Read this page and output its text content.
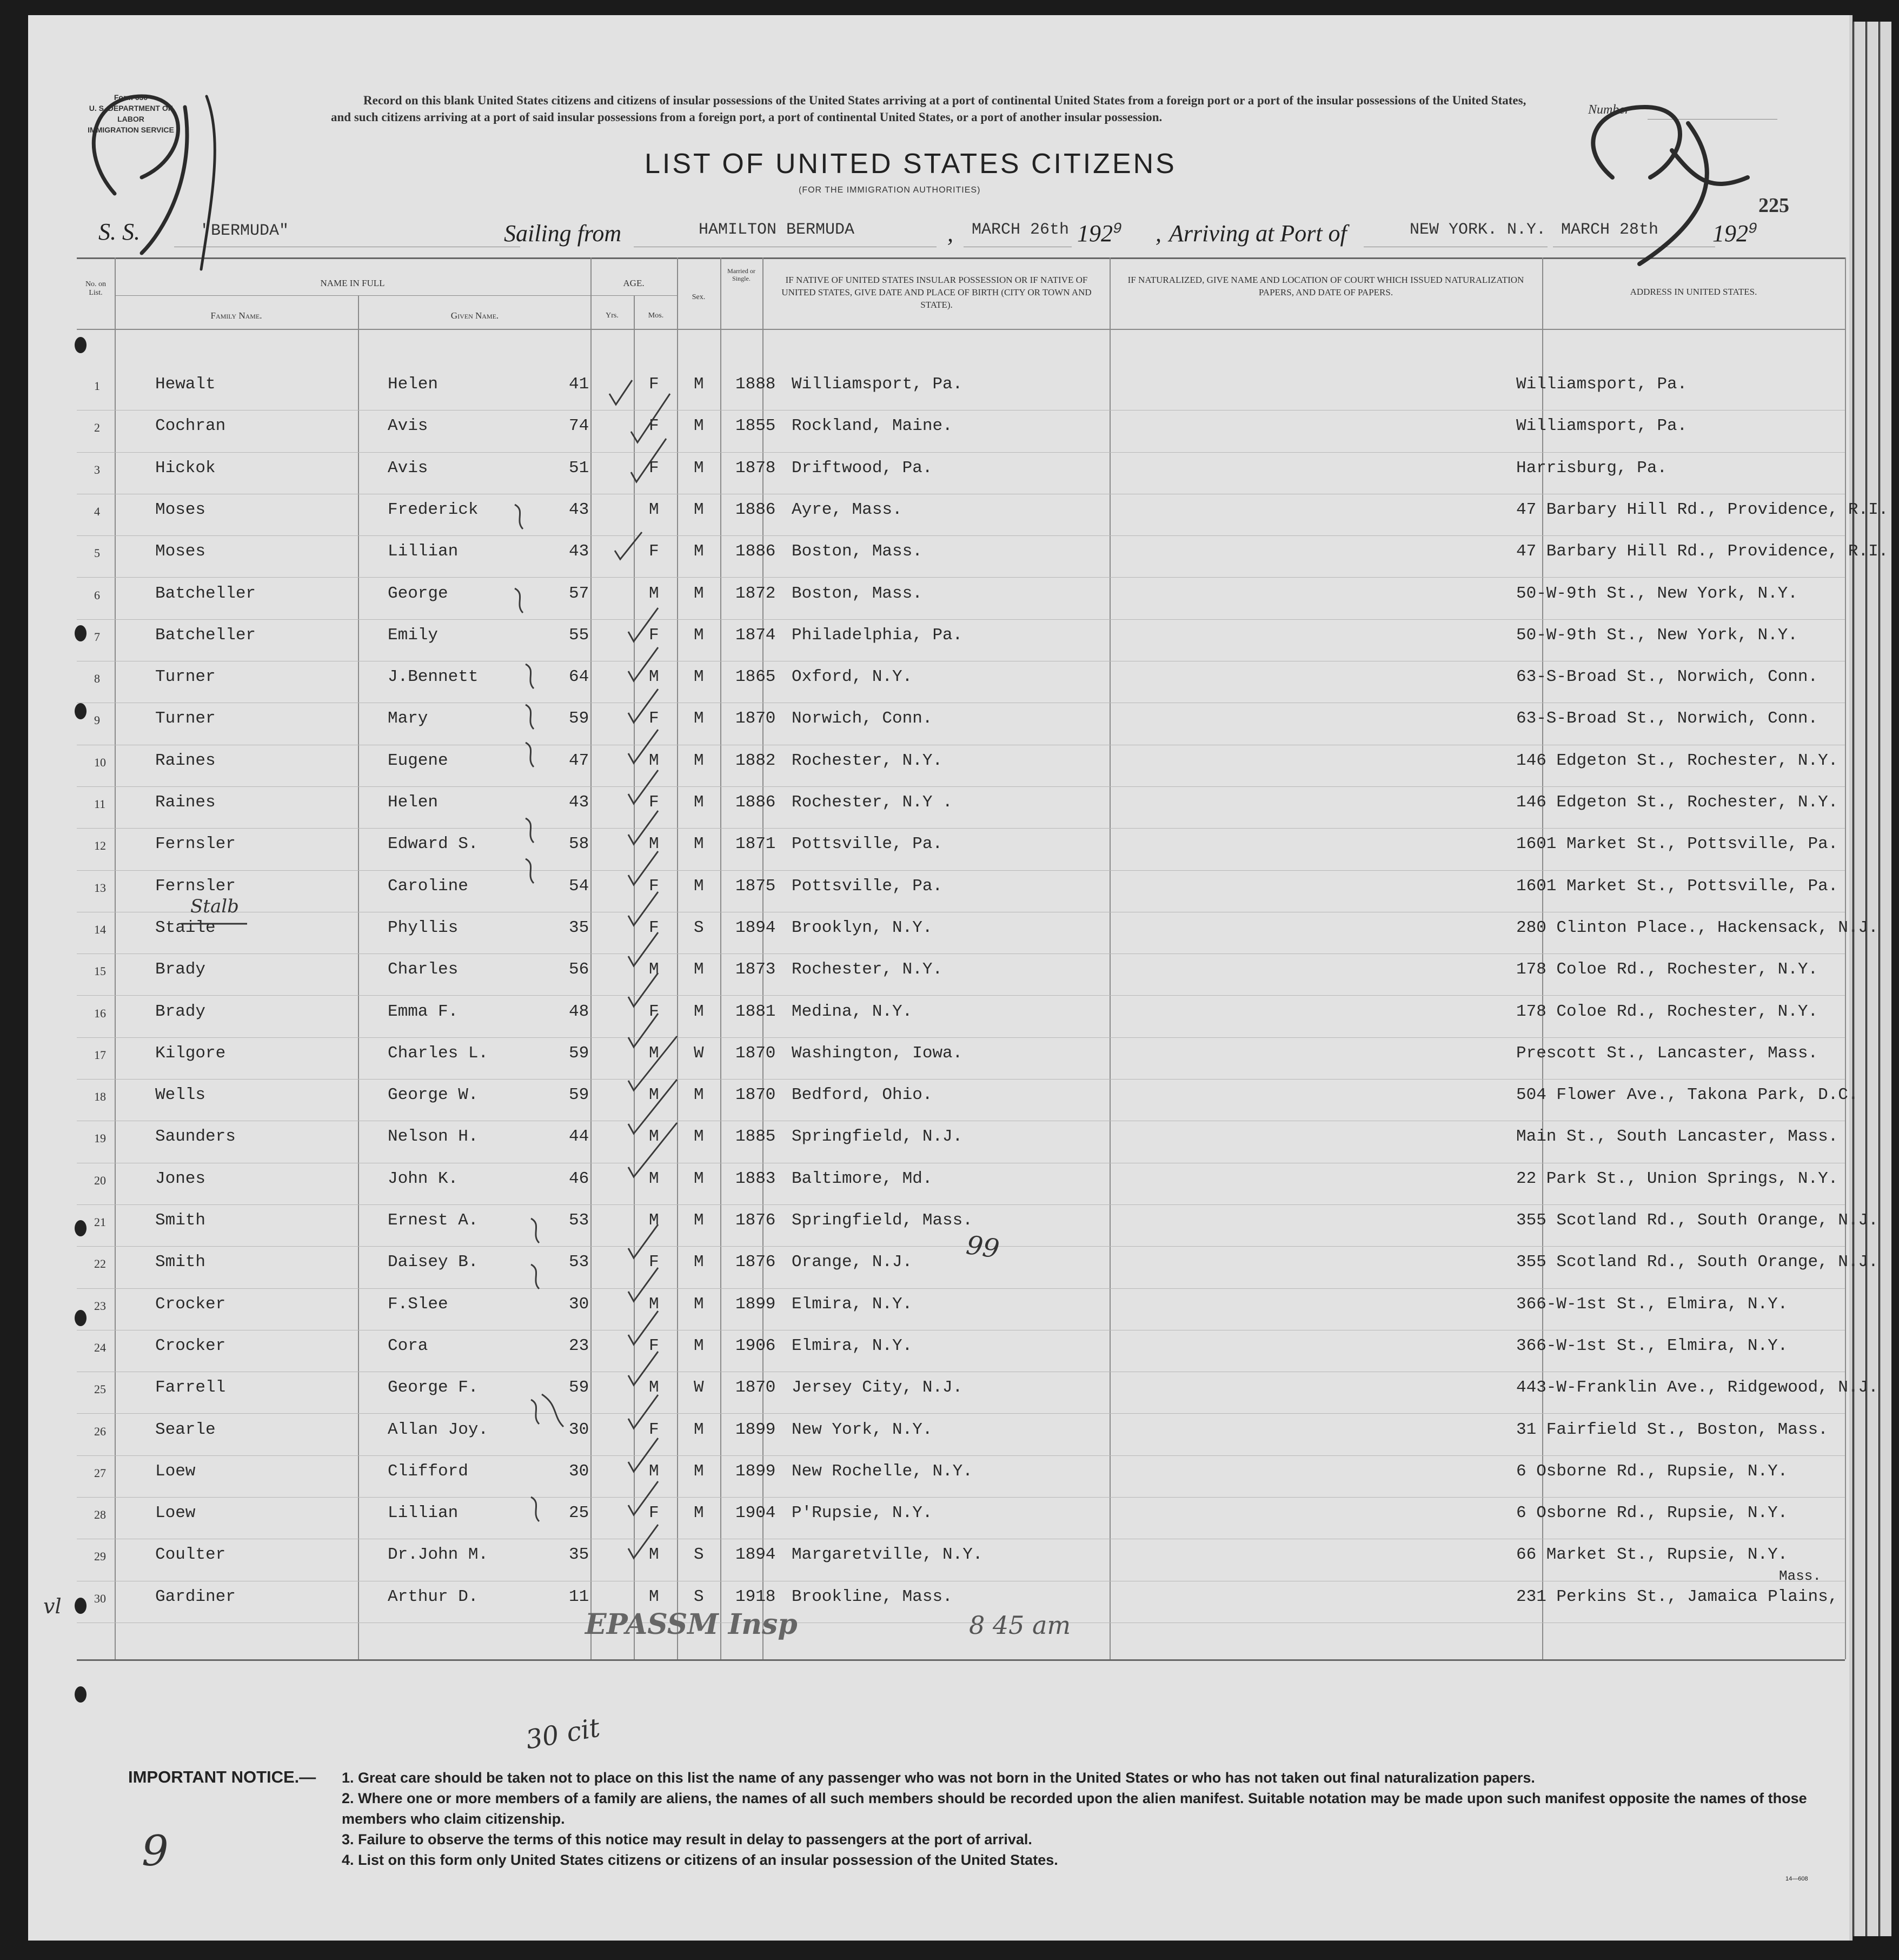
Form 630
U. S. DEPARTMENT OF LABOR
IMMIGRATION SERVICE
Record on this blank United States citizens and citizens of insular possessions of the United States arriving at a port of continental United States from a foreign port or a port of the insular possessions of the United States, and such citizens arriving at a port of said insular possessions from a foreign port, a port of continental United States, or a port of another insular possession.
Number
LIST OF UNITED STATES CITIZENS
(FOR THE IMMIGRATION AUTHORITIES)
225
S. S.	"BERMUDA"	Sailing from	HAMILTON BERMUDA	, MARCH 26th $192^9$ , Arriving at Port of	NEW YORK. N.Y. MARCH 28th $192^9$
No. on List.
NAME IN FULL
Family Name.	Given Name.
AGE.
Yrs.	Mos.
Sex.
Married or Single.	IF NATIVE OF UNITED STATES INSULAR POSSESSION OR IF NATIVE OF UNITED STATES, GIVE DATE AND PLACE OF BIRTH (CITY OR TOWN AND STATE).
IF NATURALIZED, GIVE NAME AND LOCATION OF COURT WHICH ISSUED NATURALIZATION PAPERS, AND DATE OF PAPERS.	ADDRESS IN UNITED STATES.
1	Hewalt	Helen	41	F M 1888 Williamsport, Pa.	Williamsport, Pa.
2	Cochran	Avis	74	F M 1855 Rockland, Maine.	Williamsport, Pa.
3	Hickok	Avis	51	F M 1878 Driftwood, Pa.	Harrisburg, Pa.
4	Moses	Frederick	43	M M 1886 Ayre, Mass.	47 Barbary Hill Rd., Providence, R.I.
5	Moses	Lillian	43	F M 1886 Boston, Mass.	47 Barbary Hill Rd., Providence, R.I.
6	Batcheller	George	57	M M 1872 Boston, Mass.	50-W-9th St., New York, N.Y.
7	Batcheller	Emily	55	F M 1874 Philadelphia, Pa.	50-W-9th St., New York, N.Y.
8	Turner	J.Bennett	64	M M 1865 Oxford, N.Y.	63-S-Broad St., Norwich, Conn.
9	Turner	Mary	59	F M 1870 Norwich, Conn.	63-S-Broad St., Norwich, Conn.
10	Raines	Eugene	47	M M 1882 Rochester, N.Y.	146 Edgeton St., Rochester, N.Y.
11	Raines	Helen	43	F M 1886 Rochester, N.Y .	146 Edgeton St., Rochester, N.Y.
12	Fernsler	Edward S.	58	M M 1871 Pottsville, Pa.	1601 Market St., Pottsville, Pa.
13	Fernsler	Caroline	54	F M 1875 Pottsville, Pa.	1601 Market St., Pottsville, Pa.
14	Staile	Phyllis	35	F S 1894 Brooklyn, N.Y.	280 Clinton Place., Hackensack, N.J.
15	Brady	Charles	56	M M 1873 Rochester, N.Y.	178 Coloe Rd., Rochester, N.Y.
16	Brady	Emma F.	48	F M 1881 Medina, N.Y.	178 Coloe Rd., Rochester, N.Y.
17	Kilgore	Charles L.	59	M W 1870 Washington, Iowa.	Prescott St., Lancaster, Mass.
18	Wells	George W.	59	M M 1870 Bedford, Ohio.	504 Flower Ave., Takona Park, D.C.
19	Saunders	Nelson H.	44	M M 1885 Springfield, N.J.	Main St., South Lancaster, Mass.
20	Jones	John K.	46	M M 1883 Baltimore, Md.	22 Park St., Union Springs, N.Y.
21	Smith	Ernest A.	53	M M 1876 Springfield, Mass.	355 Scotland Rd., South Orange, N.J.
22	Smith	Daisey B.	53	F M 1876 Orange, N.J.	355 Scotland Rd., South Orange, N.J.
23	Crocker	F.Slee	30	M M 1899 Elmira, N.Y.	366-W-1st St., Elmira, N.Y.
24	Crocker	Cora	23	F M 1906 Elmira, N.Y.	366-W-1st St., Elmira, N.Y.
25	Farrell	George F.	59	M W 1870 Jersey City, N.J.	443-W-Franklin Ave., Ridgewood, N.J.
26	Searle	Allan Joy.	30	F M 1899 New York, N.Y.	31 Fairfield St., Boston, Mass.
27	Loew	Clifford	30	M M 1899 New Rochelle, N.Y.	6 Osborne Rd., Rupsie, N.Y.
28	Loew	Lillian	25	F M 1904 P'Rupsie, N.Y.	6 Osborne Rd., Rupsie, N.Y.
29	Coulter	Dr.John M.	35	M S 1894 Margaretville, N.Y.	66 Market St., Rupsie, N.Y.
30	Gardiner	Arthur D.	11	M S 1918 Brookline, Mass.	231 Perkins St., Jamaica Plains,
Mass.
Stalb
99
EPASSM Insp	8 45 am
30 cit
vl
9
IMPORTANT NOTICE.— 1. Great care should be taken not to place on this list the name of any passenger who was not born in the United States or who has not taken out final naturalization papers.
2. Where one or more members of a family are aliens, the names of all such members should be recorded upon the alien manifest. Suitable notation may be made upon such manifest opposite the names of those members who claim citizenship.
3. Failure to observe the terms of this notice may result in delay to passengers at the port of arrival.
4. List on this form only United States citizens or citizens of an insular possession of the United States.
14—608
